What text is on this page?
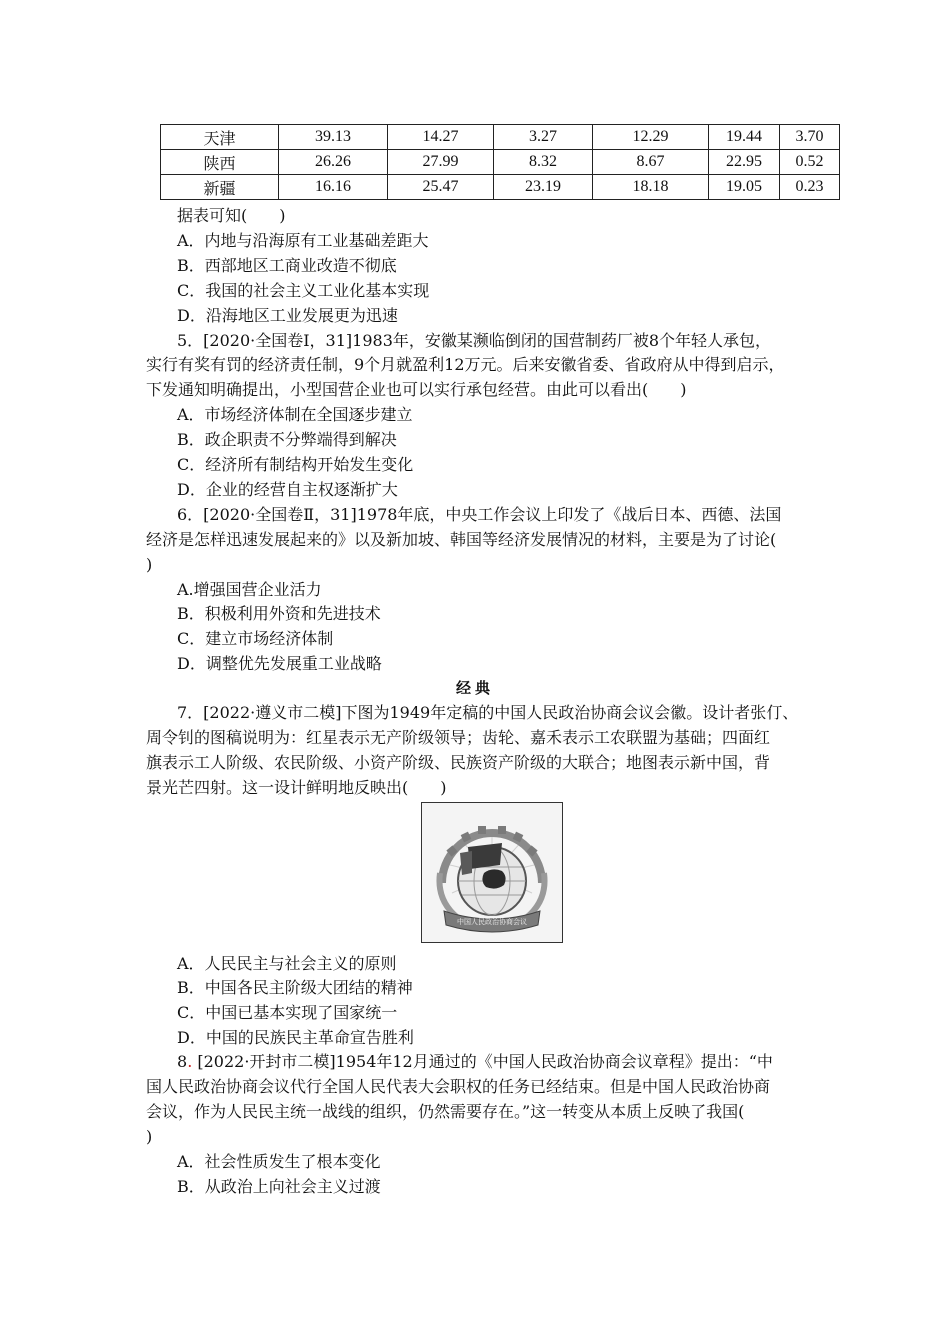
天津	39.13	14.27	3.27	12.29	19.44	3.70
陕西	26.26	27.99	8.32	8.67	22.95	0.52
新疆	16.16	25.47	23.19	18.18	19.05	0.23
据表可知(　　)
A．内地与沿海原有工业基础差距大
B．西部地区工商业改造不彻底
C．我国的社会主义工业化基本实现
D．沿海地区工业发展更为迅速
5．[2020·全国卷Ⅰ，31]1983年，安徽某濒临倒闭的国营制药厂被8个年轻人承包，
实行有奖有罚的经济责任制，9个月就盈利12万元。后来安徽省委、省政府从中得到启示，
下发通知明确提出，小型国营企业也可以实行承包经营。由此可以看出(　　)
A．市场经济体制在全国逐步建立
B．政企职责不分弊端得到解决
C．经济所有制结构开始发生变化
D．企业的经营自主权逐渐扩大
6．[2020·全国卷Ⅱ，31]1978年底，中央工作会议上印发了《战后日本、西德、法国
经济是怎样迅速发展起来的》以及新加坡、韩国等经济发展情况的材料，主要是为了讨论(
)
A.增强国营企业活力
B．积极利用外资和先进技术
C．建立市场经济体制
D．调整优先发展重工业战略
经典
7．[2022·遵义市二模]下图为1949年定稿的中国人民政治协商会议会徽。设计者张仃、
周令钊的图稿说明为：红星表示无产阶级领导；齿轮、嘉禾表示工农联盟为基础；四面红
旗表示工人阶级、农民阶级、小资产阶级、民族资产阶级的大联合；地图表示新中国，背
景光芒四射。这一设计鲜明地反映出(　　)
中国人民政治协商会议
A．人民民主与社会主义的原则
B．中国各民主阶级大团结的精神
C．中国已基本实现了国家统一
D．中国的民族民主革命宣告胜利
8. [2022·开封市二模]1954年12月通过的《中国人民政治协商会议章程》提出：“中
国人民政治协商会议代行全国人民代表大会职权的任务已经结束。但是中国人民政治协商
会议，作为人民民主统一战线的组织，仍然需要存在。”这一转变从本质上反映了我国(
)
A．社会性质发生了根本变化
B．从政治上向社会主义过渡
